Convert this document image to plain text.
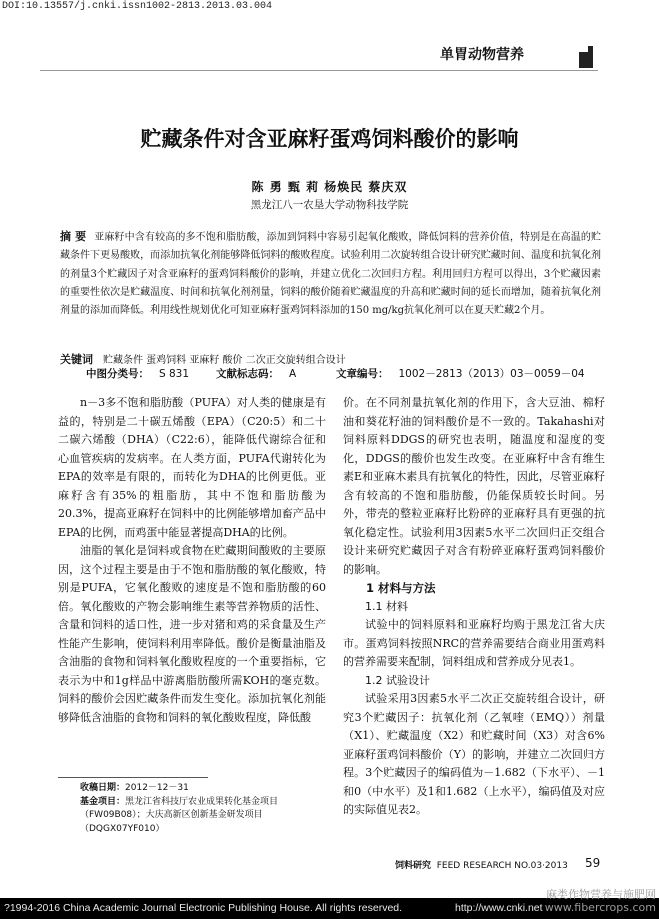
DOI:10.13557/j.cnki.issn1002-2813.2013.03.004
单胃动物营养
贮藏条件对含亚麻籽蛋鸡饲料酸价的影响
陈 勇 甄 莉 杨焕民 蔡庆双
黑龙江八一农垦大学动物科技学院
摘 要 亚麻籽中含有较高的多不饱和脂肪酸，添加到饲料中容易引起氧化酸败，降低饲料的营养价值，特别是在高温的贮藏条件下更易酸败，而添加抗氧化剂能够降低饲料的酸败程度。试验利用二次旋转组合设计研究贮藏时间、温度和抗氧化剂的剂量3个贮藏因子对含亚麻籽的蛋鸡饲料酸价的影响，并建立优化二次回归方程。利用回归方程可以得出，3个贮藏因素的重要性依次是贮藏温度、时间和抗氧化剂剂量，饲料的酸价随着贮藏温度的升高和贮藏时间的延长而增加，随着抗氧化剂剂量的添加而降低。利用线性规划优化可知亚麻籽蛋鸡饲料添加的150 mg/kg抗氧化剂可以在夏天贮藏2个月。
关键词 贮藏条件 蛋鸡饲料 亚麻籽 酸价 二次正交旋转组合设计
中图分类号： S 831	文献标志码： A	文章编号： 1002－2813（2013）03－0059－04

n－3多不饱和脂肪酸（PUFA）对人类的健康是有益的，特别是二十碳五烯酸（EPA）（C20:5）和二十二碳六烯酸（DHA）（C22:6），能降低代谢综合征和心血管疾病的发病率。在人类方面，PUFA代谢转化为EPA的效率是有限的，而转化为DHA的比例更低。亚麻籽含有35%的粗脂肪，其中不饱和脂肪酸为20.3%，提高亚麻籽在饲料中的比例能够增加畜产品中EPA的比例，而鸡蛋中能显著提高DHA的比例。

油脂的氧化是饲料或食物在贮藏期间酸败的主要原因，这个过程主要是由于不饱和脂肪酸的氧化酸败，特别是PUFA，它氧化酸败的速度是不饱和脂肪酸的60倍。氧化酸败的产物会影响维生素等营养物质的活性、含量和饲料的适口性，进一步对猪和鸡的采食量及生产性能产生影响，使饲料利用率降低。酸价是衡量油脂及含油脂的食物和饲料氧化酸败程度的一个重要指标，它表示为中和1g样品中游离脂肪酸所需KOH的毫克数。饲料的酸价会因贮藏条件而发生变化。添加抗氧化剂能够降低含油脂的食物和饲料的氧化酸败程度，降低酸

价。在不同剂量抗氧化剂的作用下，含大豆油、棉籽油和葵花籽油的饲料酸价是不一致的。Takahashi对饲料原料DDGS的研究也表明，随温度和湿度的变化，DDGS的酸价也发生改变。在亚麻籽中含有维生素E和亚麻木素具有抗氧化的特性，因此，尽管亚麻籽含有较高的不饱和脂肪酸，仍能保质较长时间。另外，带壳的整粒亚麻籽比粉碎的亚麻籽具有更强的抗氧化稳定性。试验利用3因素5水平二次回归正交组合设计来研究贮藏因子对含有粉碎亚麻籽蛋鸡饲料酸价的影响。

1 材料与方法

1.1 材料

试验中的饲料原料和亚麻籽均购于黑龙江省大庆市。蛋鸡饲料按照NRC的营养需要结合商业用蛋鸡料的营养需要来配制，饲料组成和营养成分见表1。

1.2 试验设计

试验采用3因素5水平二次正交旋转组合设计，研究3个贮藏因子：抗氧化剂（乙氧喹（EMQ））剂量（X1）、贮藏温度（X2）和贮藏时间（X3）对含6%亚麻籽蛋鸡饲料酸价（Y）的影响，并建立二次回归方程。3个贮藏因子的编码值为－1.682（下水平）、－1和0（中水平）及1和1.682（上水平），编码值及对应的实际值见表2。

收稿日期：2012－12－31
基金项目：黑龙江省科技厅农业成果转化基金项目（FW09B08）；大庆高新区创新基金研发项目（DQGX07YF010）
饲料研究 FEED RESEARCH NO.03·2013 59
?1994-2016 China Academic Journal Electronic Publishing House. All rights reserved.	http://www.cnki.net
麻类作物营养与施肥网
www.fibercrops.com
